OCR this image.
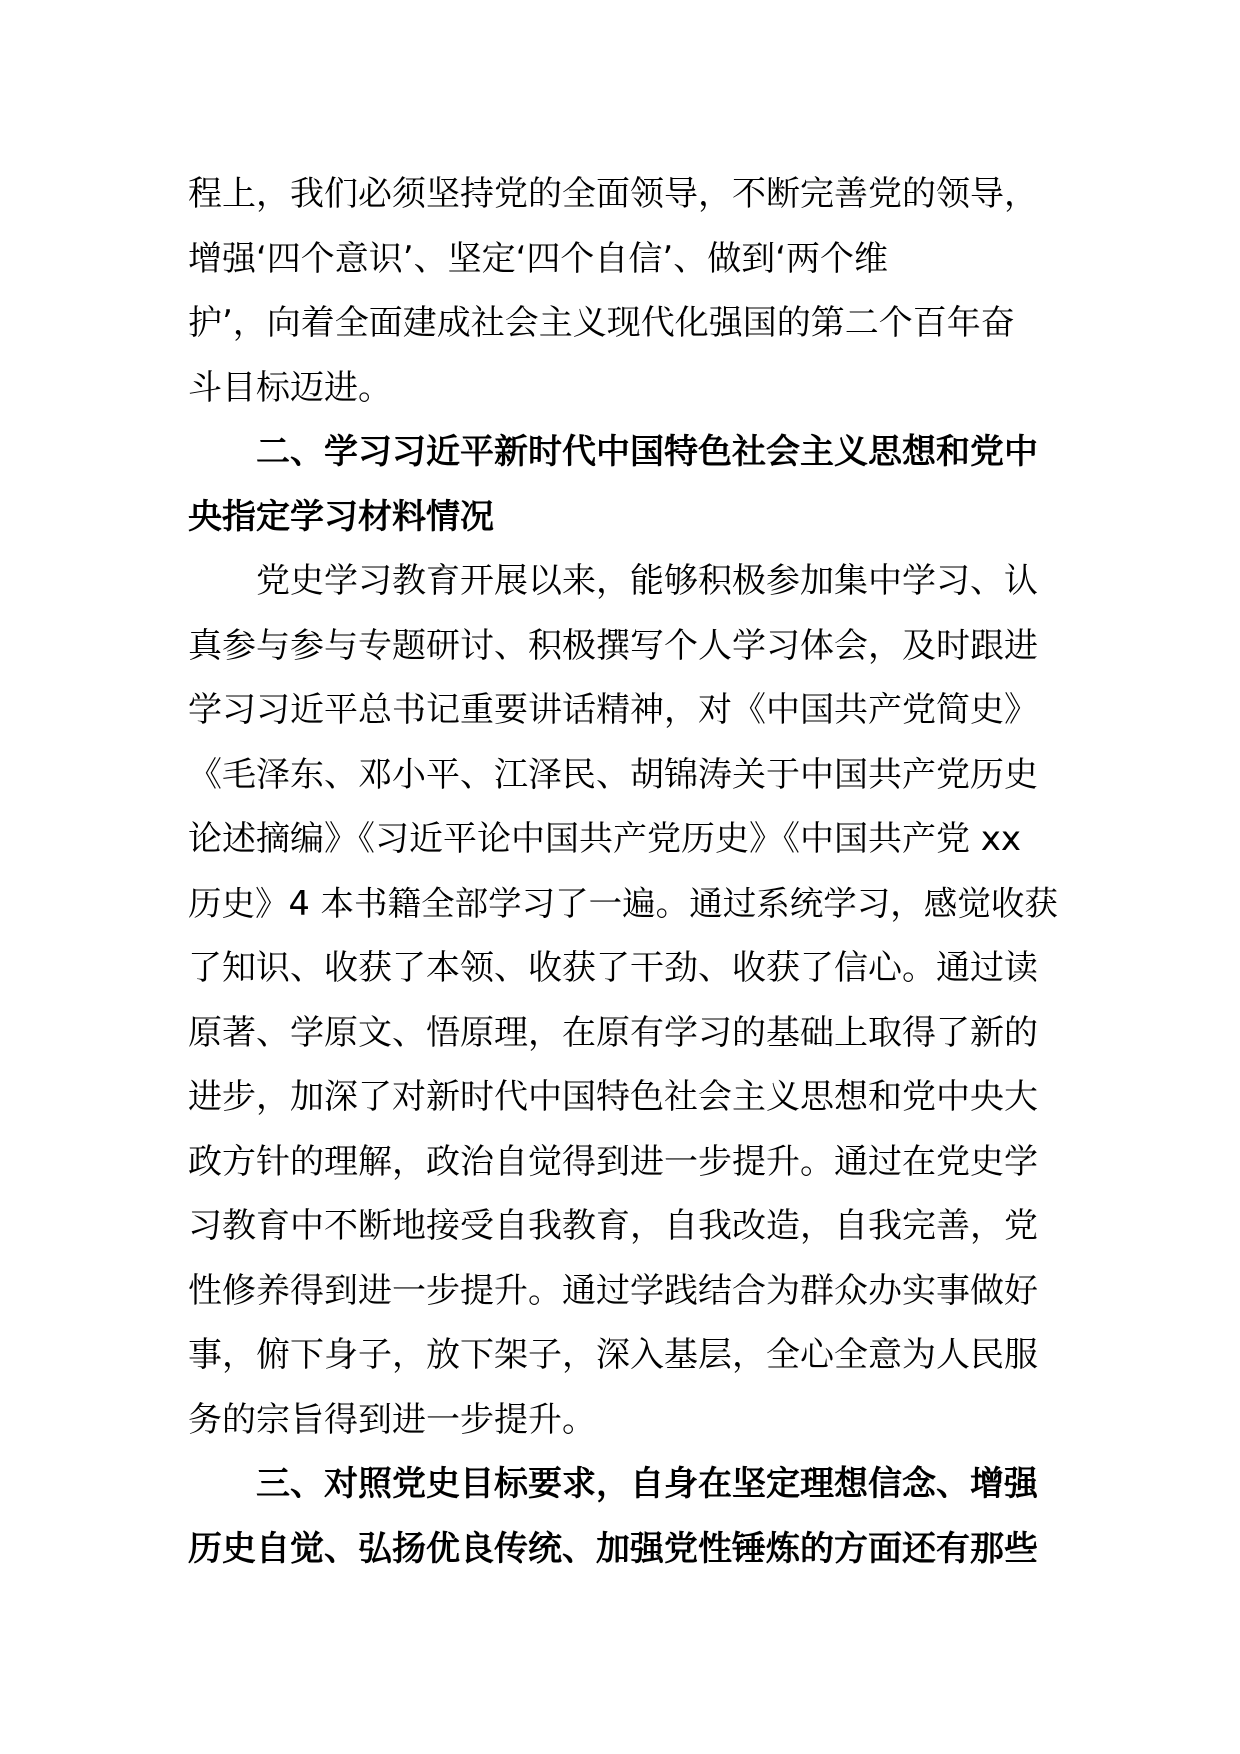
程上，我们必须坚持党的全面领导，不断完善党的领导，
增强‘四个意识’、坚定‘四个自信’、做到‘两个维
护’，向着全面建成社会主义现代化强国的第二个百年奋
斗目标迈进。
二、学习习近平新时代中国特色社会主义思想和党中
央指定学习材料情况
党史学习教育开展以来，能够积极参加集中学习、认
真参与参与专题研讨、积极撰写个人学习体会，及时跟进
学习习近平总书记重要讲话精神，对《中国共产党简史》
《毛泽东、邓小平、江泽民、胡锦涛关于中国共产党历史
论述摘编》《习近平论中国共产党历史》《中国共产党 xx
历史》4 本书籍全部学习了一遍。通过系统学习，感觉收获
了知识、收获了本领、收获了干劲、收获了信心。通过读
原著、学原文、悟原理，在原有学习的基础上取得了新的
进步，加深了对新时代中国特色社会主义思想和党中央大
政方针的理解，政治自觉得到进一步提升。通过在党史学
习教育中不断地接受自我教育，自我改造，自我完善，党
性修养得到进一步提升。通过学践结合为群众办实事做好
事，俯下身子，放下架子，深入基层，全心全意为人民服
务的宗旨得到进一步提升。
三、对照党史目标要求，自身在坚定理想信念、增强
历史自觉、弘扬优良传统、加强党性锤炼的方面还有那些
